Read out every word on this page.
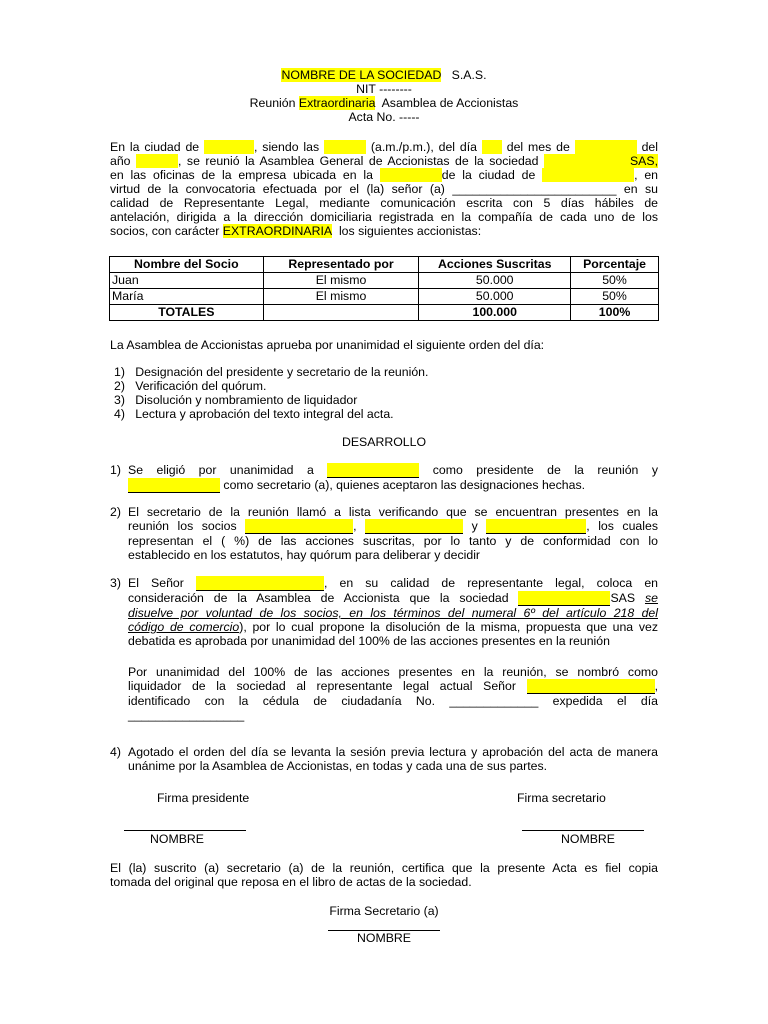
NOMBRE DE LA SOCIEDAD S.A.S.
NIT --------
Reunión Extraordinaria Asamblea de Accionistas
Acta No. -----
En la ciudad de	, siendo las	(a.m./p.m.), del día del mes de	del
año	, se reunió la Asamblea General de Accionistas de la sociedad	SAS,
en las oficinas de la empresa ubicada en la	de la ciudad de	, en
virtud de la convocatoria efectuada por el (la) señor (a) ________________________ en su
calidad de Representante Legal, mediante comunicación escrita con 5 días hábiles de
antelación, dirigida a la dirección domiciliaria registrada en la compañía de cada uno de los
socios, con carácter EXTRAORDINARIA los siguientes accionistas:
Nombre del Socio	Representado por	Acciones Suscritas	Porcentaje
Juan	El mismo	50.000	50%
María	El mismo	50.000	50%
TOTALES		100.000	100%
La Asamblea de Accionistas aprueba por unanimidad el siguiente orden del día:
1) Designación del presidente y secretario de la reunión.
2) Verificación del quórum.
3) Disolución y nombramiento de liquidador
4) Lectura y aprobación del texto integral del acta.
DESARROLLO
1) Se eligió por unanimidad a	como presidente de la reunión y
como secretario (a), quienes aceptaron las designaciones hechas.
2) El secretario de la reunión llamó a lista verificando que se encuentran presentes en la
reunión los socios	,	y	, los cuales
representan el ( %) de las acciones suscritas, por lo tanto y de conformidad con lo
establecido en los estatutos, hay quórum para deliberar y decidir
3) El Señor	, en su calidad de representante legal, coloca en
consideración de la Asamblea de Accionista que la sociedad	SAS se
disuelve por voluntad de los socios, en los términos del numeral 6º del artículo 218 del
código de comercio), por lo cual propone la disolución de la misma, propuesta que una vez
debatida es aprobada por unanimidad del 100% de las acciones presentes en la reunión
Por unanimidad del 100% de las acciones presentes en la reunión, se nombró como
liquidador de la sociedad al representante legal actual Señor	,
identificado con la cédula de ciudadanía No. _____________ expedida el día
_________________
4) Agotado el orden del día se levanta la sesión previa lectura y aprobación del acta de manera
unánime por la Asamblea de Accionistas, en todas y cada una de sus partes.
Firma presidente	Firma secretario
NOMBRE	NOMBRE
El (la) suscrito (a) secretario (a) de la reunión, certifica que la presente Acta es fiel copia
tomada del original que reposa en el libro de actas de la sociedad.
Firma Secretario (a)
NOMBRE
